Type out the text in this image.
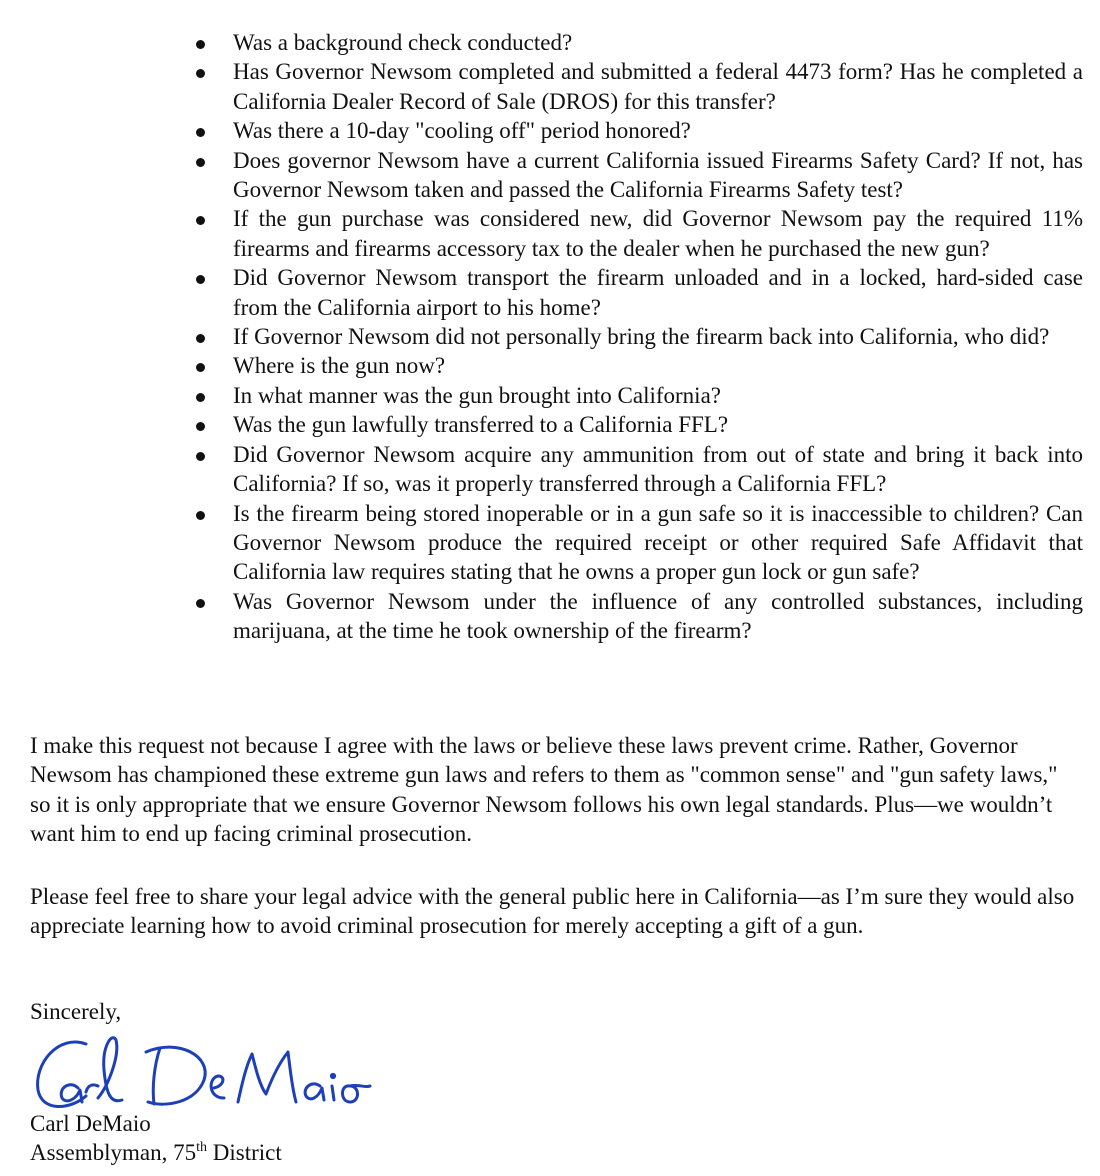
Was a background check conducted?
Has Governor Newsom completed and submitted a federal 4473 form? Has he completed a California Dealer Record of Sale (DROS) for this transfer?
Was there a 10-day "cooling off" period honored?
Does governor Newsom have a current California issued Firearms Safety Card? If not, has Governor Newsom taken and passed the California Firearms Safety test?
If the gun purchase was considered new, did Governor Newsom pay the required 11% firearms and firearms accessory tax to the dealer when he purchased the new gun?
Did Governor Newsom transport the firearm unloaded and in a locked, hard-sided case from the California airport to his home?
If Governor Newsom did not personally bring the firearm back into California, who did?
Where is the gun now?
In what manner was the gun brought into California?
Was the gun lawfully transferred to a California FFL?
Did Governor Newsom acquire any ammunition from out of state and bring it back into California? If so, was it properly transferred through a California FFL?
Is the firearm being stored inoperable or in a gun safe so it is inaccessible to children? Can Governor Newsom produce the required receipt or other required Safe Affidavit that California law requires stating that he owns a proper gun lock or gun safe?
Was Governor Newsom under the influence of any controlled substances, including marijuana, at the time he took ownership of the firearm?

I make this request not because I agree with the laws or believe these laws prevent crime. Rather, Governor Newsom has championed these extreme gun laws and refers to them as "common sense" and "gun safety laws," so it is only appropriate that we ensure Governor Newsom follows his own legal standards. Plus—we wouldn’t want him to end up facing criminal prosecution.

Please feel free to share your legal advice with the general public here in California—as I’m sure they would also appreciate learning how to avoid criminal prosecution for merely accepting a gift of a gun.

Sincerely,

Carl DeMaio

Assemblyman, 75th District
